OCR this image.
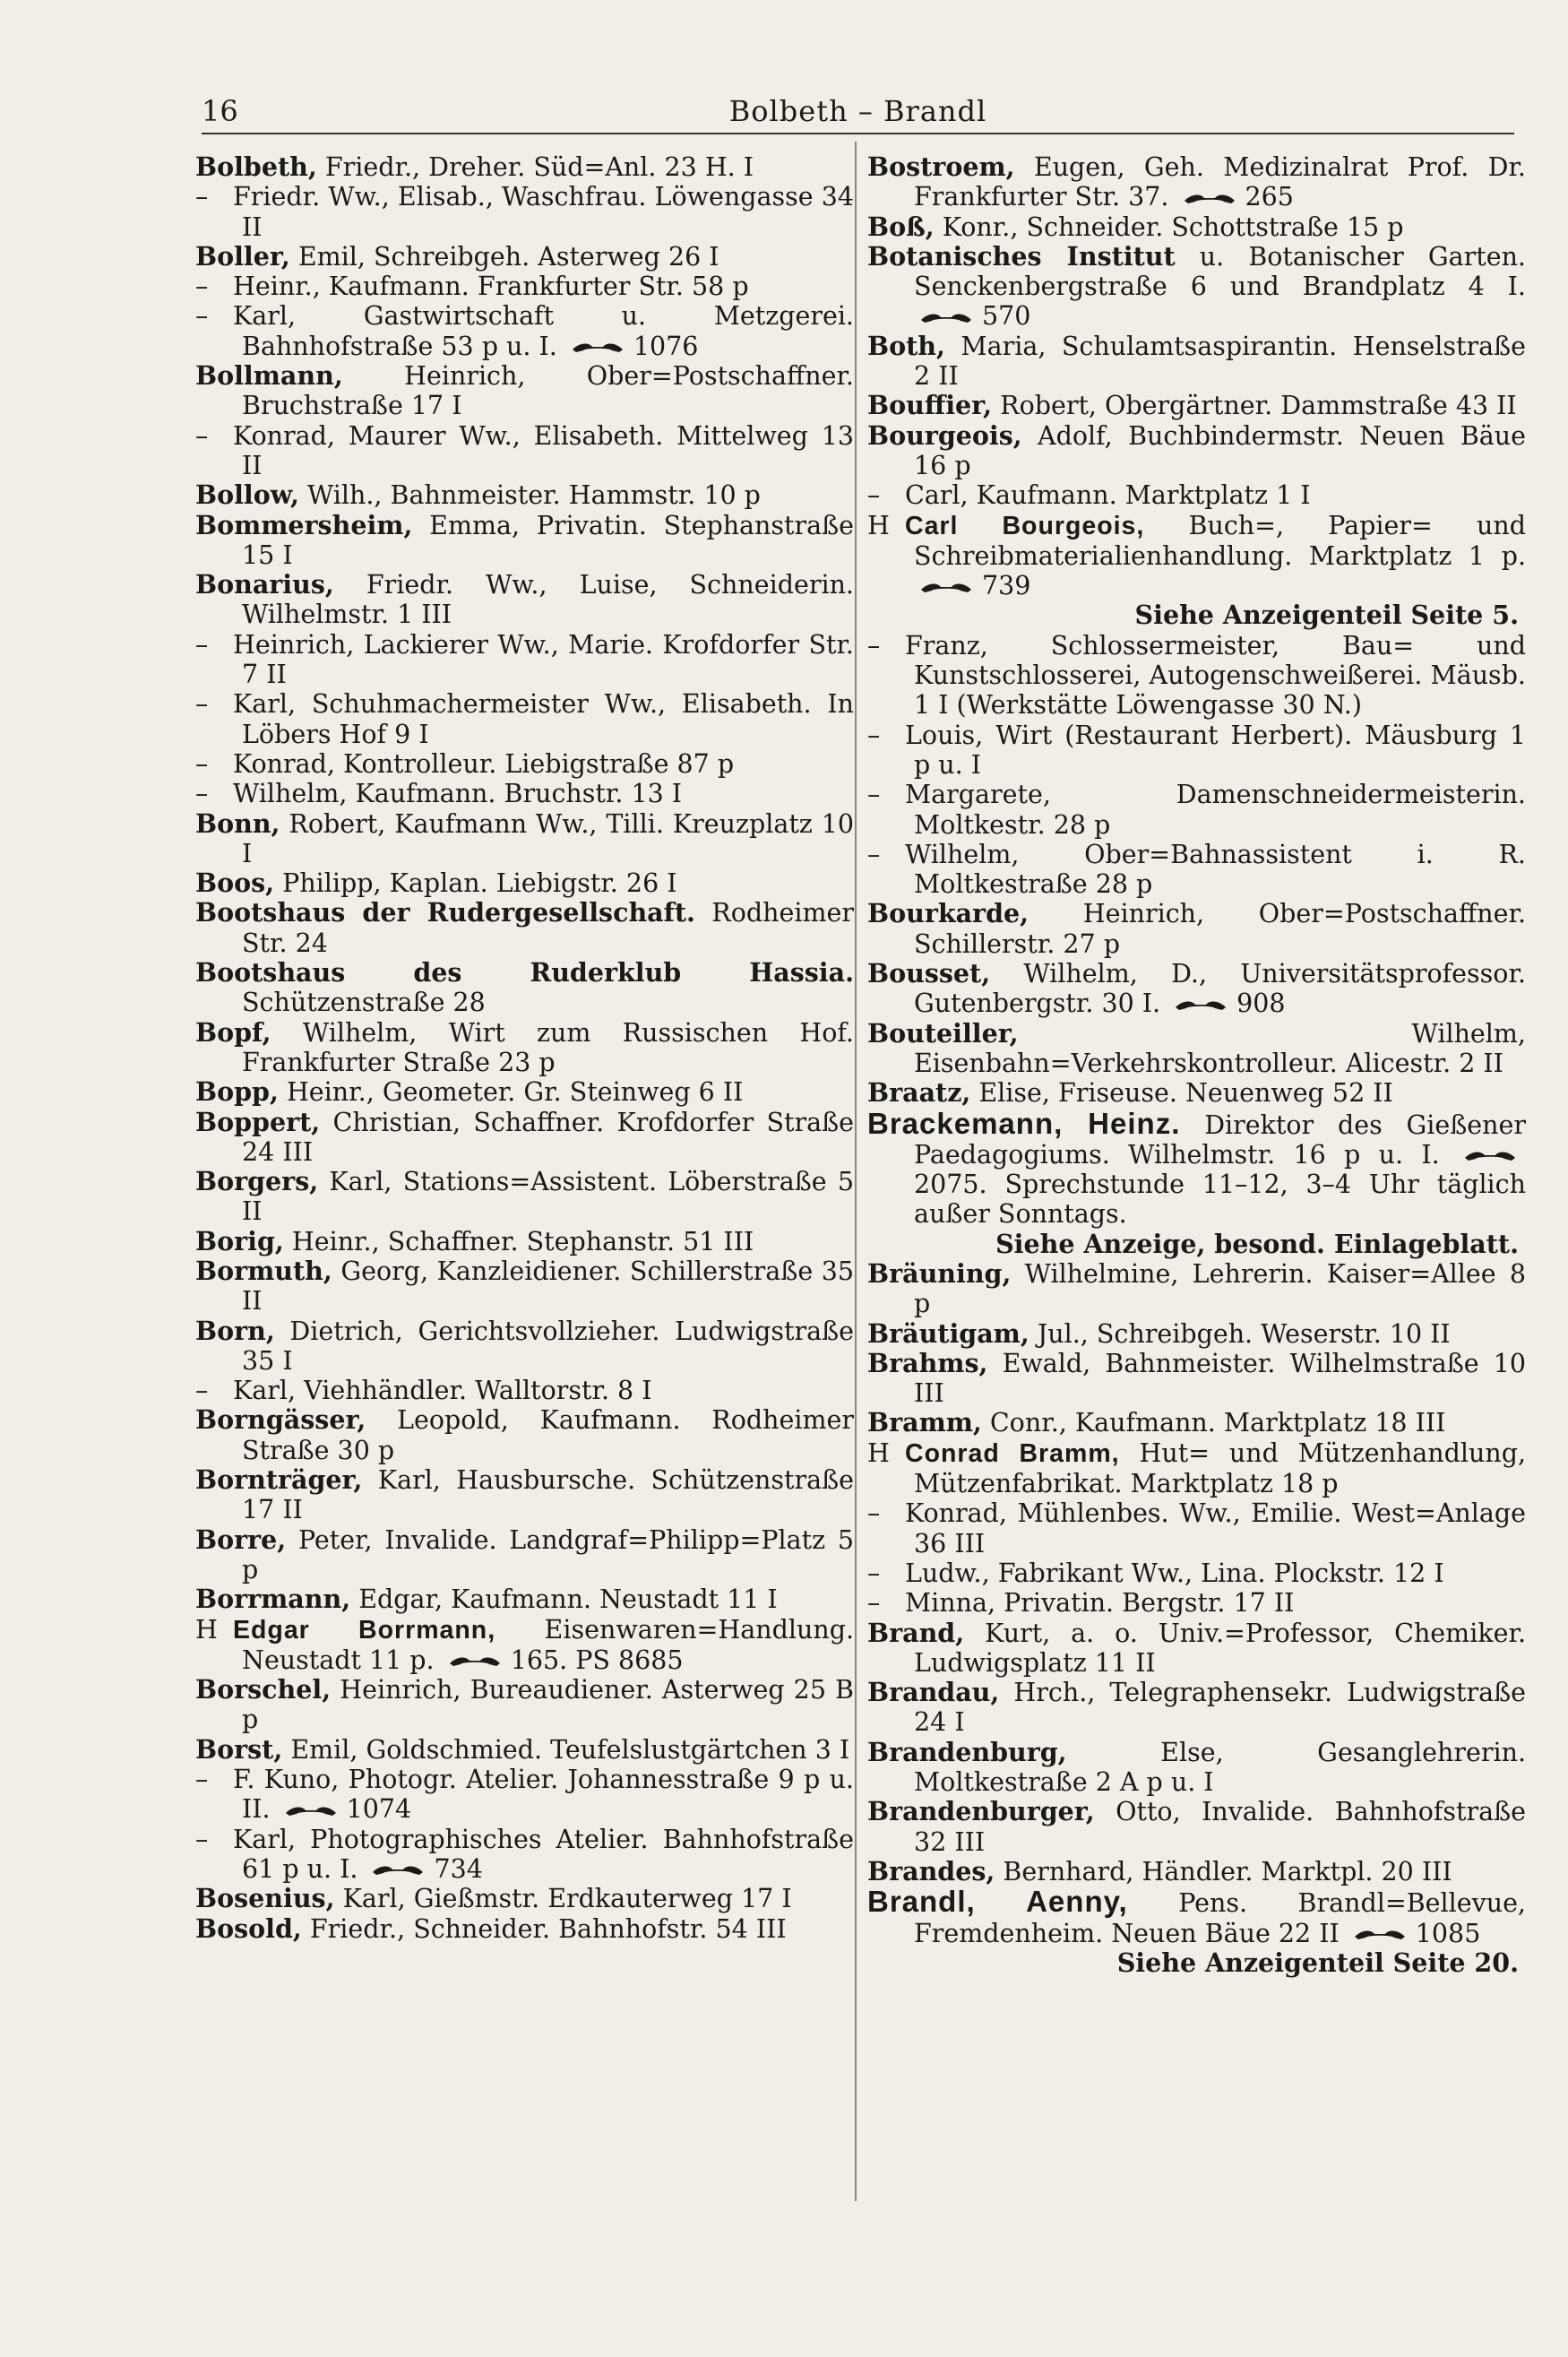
16	Bolbeth – Brandl
Bolbeth, Friedr., Dreher. Süd=Anl. 23 H. I
– Friedr. Ww., Elisab., Waschfrau. Löwengasse 34 II
Boller, Emil, Schreibgeh. Asterweg 26 I
– Heinr., Kaufmann. Frankfurter Str. 58 p
– Karl, Gastwirtschaft u. Metzgerei. Bahnhofstraße 53 p u. I.	1076
Bollmann, Heinrich, Ober=Postschaffner. Bruchstraße 17 I
– Konrad, Maurer Ww., Elisabeth. Mittelweg 13 II
Bollow, Wilh., Bahnmeister. Hammstr. 10 p
Bommersheim, Emma, Privatin. Stephanstraße 15 I
Bonarius, Friedr. Ww., Luise, Schneiderin. Wilhelmstr. 1 III
– Heinrich, Lackierer Ww., Marie. Krofdorfer Str. 7 II
– Karl, Schuhmachermeister Ww., Elisabeth. In Löbers Hof 9 I
– Konrad, Kontrolleur. Liebigstraße 87 p
– Wilhelm, Kaufmann. Bruchstr. 13 I
Bonn, Robert, Kaufmann Ww., Tilli. Kreuzplatz 10 I
Boos, Philipp, Kaplan. Liebigstr. 26 I
Bootshaus der Rudergesellschaft. Rodheimer Str. 24
Bootshaus des Ruderklub Hassia. Schützenstraße 28
Bopf, Wilhelm, Wirt zum Russischen Hof. Frankfurter Straße 23 p
Bopp, Heinr., Geometer. Gr. Steinweg 6 II
Boppert, Christian, Schaffner. Krofdorfer Straße 24 III
Borgers, Karl, Stations=Assistent. Löberstraße 5 II
Borig, Heinr., Schaffner. Stephanstr. 51 III
Bormuth, Georg, Kanzleidiener. Schillerstraße 35 II
Born, Dietrich, Gerichtsvollzieher. Ludwigstraße 35 I
– Karl, Viehhändler. Walltorstr. 8 I
Borngässer, Leopold, Kaufmann. Rodheimer Straße 30 p
Bornträger, Karl, Hausbursche. Schützenstraße 17 II
Borre, Peter, Invalide. Landgraf=Philipp=Platz 5 p
Borrmann, Edgar, Kaufmann. Neustadt 11 I
H Edgar Borrmann, Eisenwaren=Handlung. Neustadt 11 p.	165. PS 8685
Borschel, Heinrich, Bureaudiener. Asterweg 25 B p
Borst, Emil, Goldschmied. Teufelslustgärtchen 3 I
– F. Kuno, Photogr. Atelier. Johannesstraße 9 p u. II.	1074
– Karl, Photographisches Atelier. Bahnhofstraße 61 p u. I.	734
Bosenius, Karl, Gießmstr. Erdkauterweg 17 I
Bosold, Friedr., Schneider. Bahnhofstr. 54 III
Bostroem, Eugen, Geh. Medizinalrat Prof. Dr. Frankfurter Str. 37.	265
Boß, Konr., Schneider. Schottstraße 15 p
Botanisches Institut u. Botanischer Garten. Senckenbergstraße 6 und Brandplatz 4 I. 570
Both, Maria, Schulamtsaspirantin. Henselstraße 2 II
Bouffier, Robert, Obergärtner. Dammstraße 43 II
Bourgeois, Adolf, Buchbindermstr. Neuen Bäue 16 p
– Carl, Kaufmann. Marktplatz 1 I
H Carl Bourgeois, Buch=, Papier= und Schreibmaterialienhandlung. Marktplatz 1 p. 739
Siehe Anzeigenteil Seite 5.
– Franz, Schlossermeister, Bau= und Kunstschlosserei, Autogenschweißerei. Mäusb. 1 I (Werkstätte Löwengasse 30 N.)
– Louis, Wirt (Restaurant Herbert). Mäusburg 1 p u. I
– Margarete, Damenschneidermeisterin. Moltkestr. 28 p
– Wilhelm, Ober=Bahnassistent i. R. Moltkestraße 28 p
Bourkarde, Heinrich, Ober=Postschaffner. Schillerstr. 27 p
Bousset, Wilhelm, D., Universitätsprofessor. Gutenbergstr. 30 I.	908
Bouteiller,	Wilhelm, Eisenbahn=Verkehrskontrolleur. Alicestr. 2 II
Braatz, Elise, Friseuse. Neuenweg 52 II
Brackemann, Heinz. Direktor des Gießener Paedagogiums. Wilhelmstr. 16 p u. I. 2075. Sprechstunde 11–12, 3–4 Uhr täglich außer Sonntags.
Siehe Anzeige, besond. Einlageblatt.
Bräuning, Wilhelmine, Lehrerin. Kaiser=Allee 8 p
Bräutigam, Jul., Schreibgeh. Weserstr. 10 II
Brahms, Ewald, Bahnmeister. Wilhelmstraße 10 III
Bramm, Conr., Kaufmann. Marktplatz 18 III
H Conrad Bramm, Hut= und Mützenhandlung, Mützenfabrikat. Marktplatz 18 p
– Konrad, Mühlenbes. Ww., Emilie. West=Anlage 36 III
– Ludw., Fabrikant Ww., Lina. Plockstr. 12 I
– Minna, Privatin. Bergstr. 17 II
Brand, Kurt, a. o. Univ.=Professor, Chemiker. Ludwigsplatz 11 II
Brandau, Hrch., Telegraphensekr. Ludwigstraße 24 I
Brandenburg,	Else, Gesanglehrerin. Moltkestraße 2 A p u. I
Brandenburger, Otto, Invalide. Bahnhofstraße 32 III
Brandes, Bernhard, Händler. Marktpl. 20 III
Brandl, Aenny, Pens. Brandl=Bellevue, Fremdenheim. Neuen Bäue 22 II	1085
Siehe Anzeigenteil Seite 20.
